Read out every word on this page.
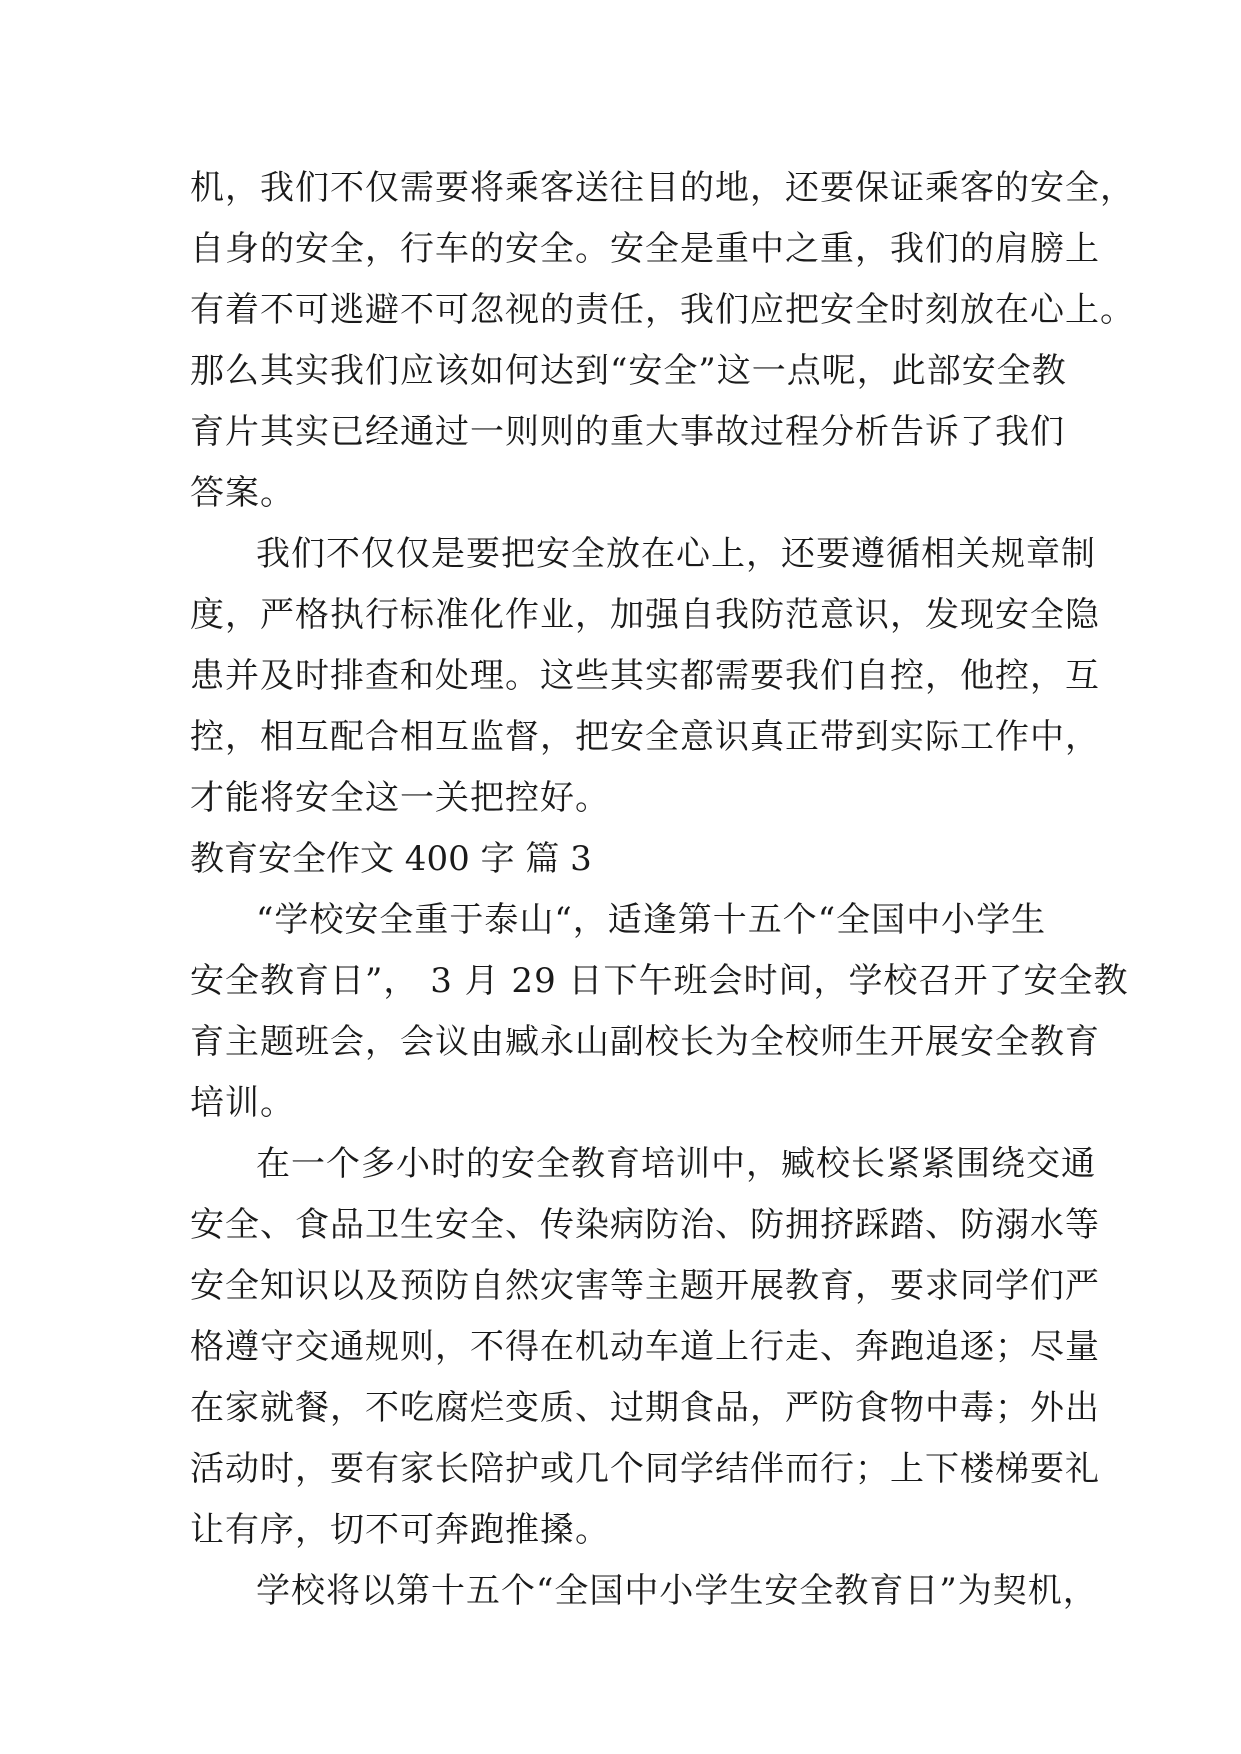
机，我们不仅需要将乘客送往目的地，还要保证乘客的安全，
自身的安全，行车的安全。安全是重中之重，我们的肩膀上
有着不可逃避不可忽视的责任，我们应把安全时刻放在心上。
那么其实我们应该如何达到“安全”这一点呢，此部安全教
育片其实已经通过一则则的重大事故过程分析告诉了我们
答案。
我们不仅仅是要把安全放在心上，还要遵循相关规章制
度，严格执行标准化作业，加强自我防范意识，发现安全隐
患并及时排查和处理。这些其实都需要我们自控，他控，互
控，相互配合相互监督，把安全意识真正带到实际工作中，
才能将安全这一关把控好。
教育安全作文 400 字 篇 3
“学校安全重于泰山“，适逢第十五个“全国中小学生
安全教育日”， 3 月 29 日下午班会时间，学校召开了安全教
育主题班会，会议由臧永山副校长为全校师生开展安全教育
培训。
在一个多小时的安全教育培训中，臧校长紧紧围绕交通
安全、食品卫生安全、传染病防治、防拥挤踩踏、防溺水等
安全知识以及预防自然灾害等主题开展教育，要求同学们严
格遵守交通规则，不得在机动车道上行走、奔跑追逐；尽量
在家就餐，不吃腐烂变质、过期食品，严防食物中毒；外出
活动时，要有家长陪护或几个同学结伴而行；上下楼梯要礼
让有序，切不可奔跑推搡。
学校将以第十五个“全国中小学生安全教育日”为契机，
